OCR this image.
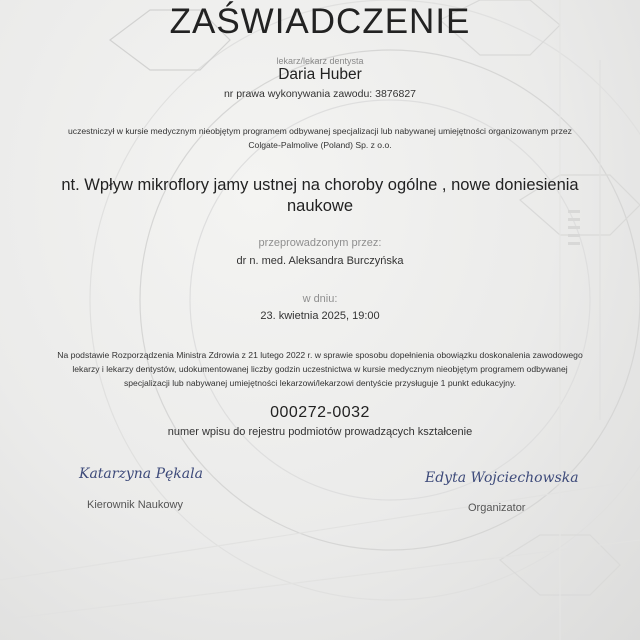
ZAŚWIADCZENIE
lekarz/lekarz dentysta
Daria Huber
nr prawa wykonywania zawodu: 3876827
uczestniczył w kursie medycznym nieobjętym programem odbywanej specjalizacji lub nabywanej umiejętności organizowanym przez
Colgate-Palmolive (Poland) Sp. z o.o.
nt. Wpływ mikroflory jamy ustnej na choroby ogólne , nowe doniesienia
naukowe
przeprowadzonym przez:
dr n. med. Aleksandra Burczyńska
w dniu:
23. kwietnia 2025, 19:00
Na podstawie Rozporządzenia Ministra Zdrowia z 21 lutego 2022 r. w sprawie sposobu dopełnienia obowiązku doskonalenia zawodowego
lekarzy i lekarzy dentystów, udokumentowanej liczby godzin uczestnictwa w kursie medycznym nieobjętym programem odbywanej
specjalizacji lub nabywanej umiejętności lekarzowi/lekarzowi dentyście przysługuje 1 punkt edukacyjny.
000272-0032
numer wpisu do rejestru podmiotów prowadzących kształcenie
Katarzyna Pękala
Kierownik Naukowy
Edyta Wojciechowska
Organizator
